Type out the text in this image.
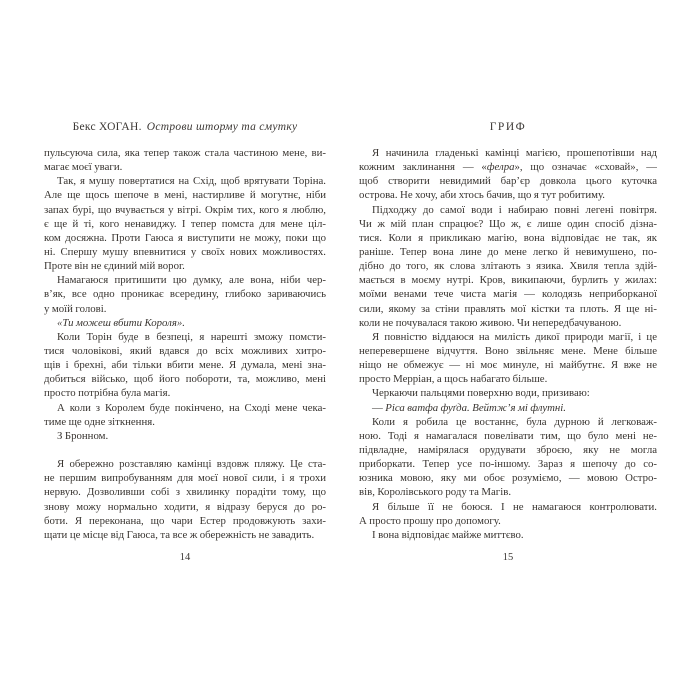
Бекс ХОГАН. Острови шторму та смутку
пульсуюча сила, яка тепер також стала частиною мене, ви-
магає моєї уваги.
Так, я мушу повертатися на Схід, щоб врятувати Торіна.
Але ще щось шепоче в мені, настирливе й могутнє, ніби
запах бурі, що вчувається у вітрі. Окрім тих, кого я люблю,
є ще й ті, кого ненавиджу. І тепер помста для мене ціл-
ком досяжна. Проти Гаюса я виступити не можу, поки що
ні. Спершу мушу впевнитися у своїх нових можливостях.
Проте він не єдиний мій ворог.
Намагаюся притишити цю думку, але вона, ніби чер-
в’як, все одно проникає всередину, глибоко зариваючись
у моїй голові.
«Ти можеш вбити Короля».
Коли Торін буде в безпеці, я нарешті зможу помсти-
тися чоловікові, який вдався до всіх можливих хитро-
щів і брехні, аби тільки вбити мене. Я думала, мені зна-
добиться військо, щоб його побороти, та, можливо, мені
просто потрібна була магія.
А коли з Королем буде покінчено, на Сході мене чека-
тиме ще одне зіткнення.
З Бронном.
Я обережно розставляю камінці вздовж пляжу. Це ста-
не першим випробуванням для моєї нової сили, і я трохи
нервую. Дозволивши собі з хвилинку порадіти тому, що
знову можу нормально ходити, я відразу беруся до ро-
боти. Я переконана, що чари Естер продовжують захи-
щати це місце від Гаюса, та все ж обережність не завадить.
14
ГРИФ
Я начинила гладенькі камінці магією, прошепотівши над
кожним заклинання — «фелра», що означає «сховай», —
щоб створити невидимий бар’єр довкола цього куточка
острова. Не хочу, аби хтось бачив, що я тут робитиму.
Підходжу до самої води і набираю повні легені повітря.
Чи ж мій план спрацює? Що ж, є лише один спосіб дізна-
тися. Коли я прикликаю магію, вона відповідає не так, як
раніше. Тепер вона лине до мене легко й невимушено, по-
дібно до того, як слова злітають з язика. Хвиля тепла здій-
мається в моєму нутрі. Кров, википаючи, бурлить у жилах:
моїми венами тече чиста магія — колодязь неприборканої
сили, якому за стіни правлять мої кістки та плоть. Я ще ні-
коли не почувалася такою живою. Чи непередбачуваною.
Я повністю віддаюся на милість дикої природи магії, і це
неперевершене відчуття. Воно звільняє мене. Мене більше
ніщо не обмежує — ні моє минуле, ні майбутнє. Я вже не
просто Мерріан, а щось набагато більше.
Черкаючи пальцями поверхню води, призиваю:
— Ріса ватфа фуґда. Вейтж’я мі флутні.
Коли я робила це востаннє, була дурною й легковаж-
ною. Тоді я намагалася повелівати тим, що було мені не-
підвладне, намірялася орудувати зброєю, яку не могла
приборкати. Тепер усе по-іншому. Зараз я шепочу до со-
юзника мовою, яку ми обоє розуміємо, — мовою Остро-
вів, Королівського роду та Магів.
Я більше її не боюся. І не намагаюся контролювати.
А просто прошу про допомогу.
І вона відповідає майже миттєво.
15
